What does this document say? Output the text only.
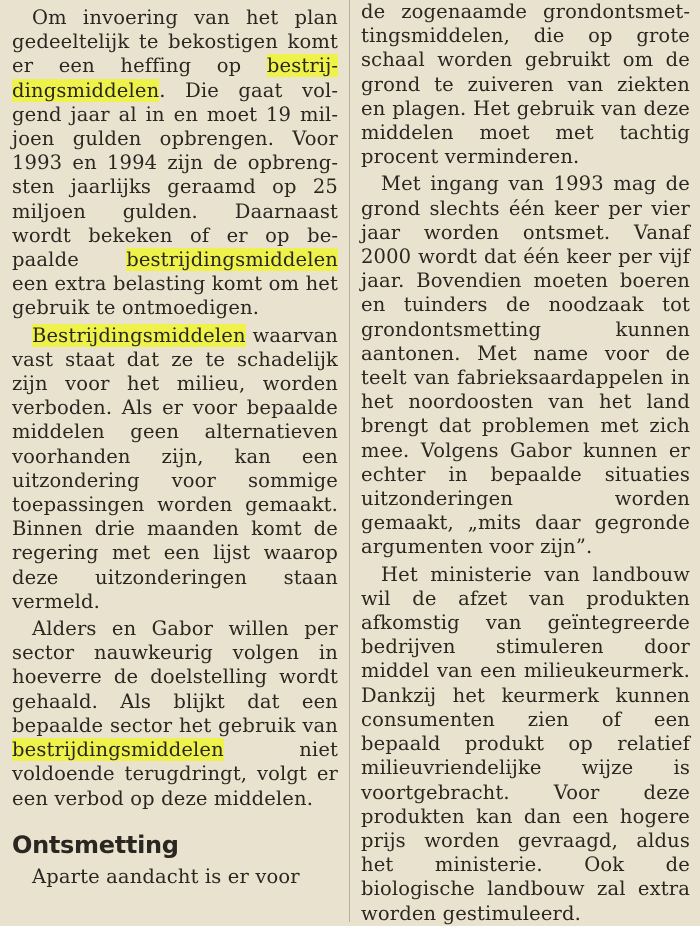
Om invoering van het plan gedeeltelijk te bekostigen komt er een heffing op bestrijdingsmiddelen. Die gaat volgend jaar al in en moet 19 miljoen gulden opbrengen. Voor 1993 en 1994 zijn de opbrengsten jaarlijks geraamd op 25 miljoen gulden. Daarnaast wordt bekeken of er op bepaalde bestrijdingsmiddelen een extra belasting komt om het gebruik te ontmoedigen.

Bestrijdingsmiddelen waarvan vast staat dat ze te schadelijk zijn voor het milieu, worden verboden. Als er voor bepaalde middelen geen alternatieven voorhanden zijn, kan een uitzondering voor sommige toepassingen worden gemaakt. Binnen drie maanden komt de regering met een lijst waarop deze uitzonderingen staan vermeld.

Alders en Gabor willen per sector nauwkeurig volgen in hoeverre de doelstelling wordt gehaald. Als blijkt dat een bepaalde sector het gebruik van bestrijdingsmiddelen niet voldoende terugdringt, volgt er een verbod op deze middelen.

Ontsmetting

Aparte aandacht is er voor

de zogenaamde grondontsmettingsmiddelen, die op grote schaal worden gebruikt om de grond te zuiveren van ziekten en plagen. Het gebruik van deze middelen moet met tachtig procent verminderen.

Met ingang van 1993 mag de grond slechts één keer per vier jaar worden ontsmet. Vanaf 2000 wordt dat één keer per vijf jaar. Bovendien moeten boeren en tuinders de noodzaak tot grondontsmetting kunnen aantonen. Met name voor de teelt van fabrieksaardappelen in het noordoosten van het land brengt dat problemen met zich mee. Volgens Gabor kunnen er echter in bepaalde situaties uitzonderingen worden gemaakt, „mits daar gegronde argumenten voor zijn”.

Het ministerie van landbouw wil de afzet van produkten afkomstig van geïntegreerde bedrijven stimuleren door middel van een milieukeurmerk. Dankzij het keurmerk kunnen consumenten zien of een bepaald produkt op relatief milieuvriendelijke wijze is voortgebracht. Voor deze produkten kan dan een hogere prijs worden gevraagd, aldus het ministerie. Ook de biologische landbouw zal extra worden gestimuleerd.
